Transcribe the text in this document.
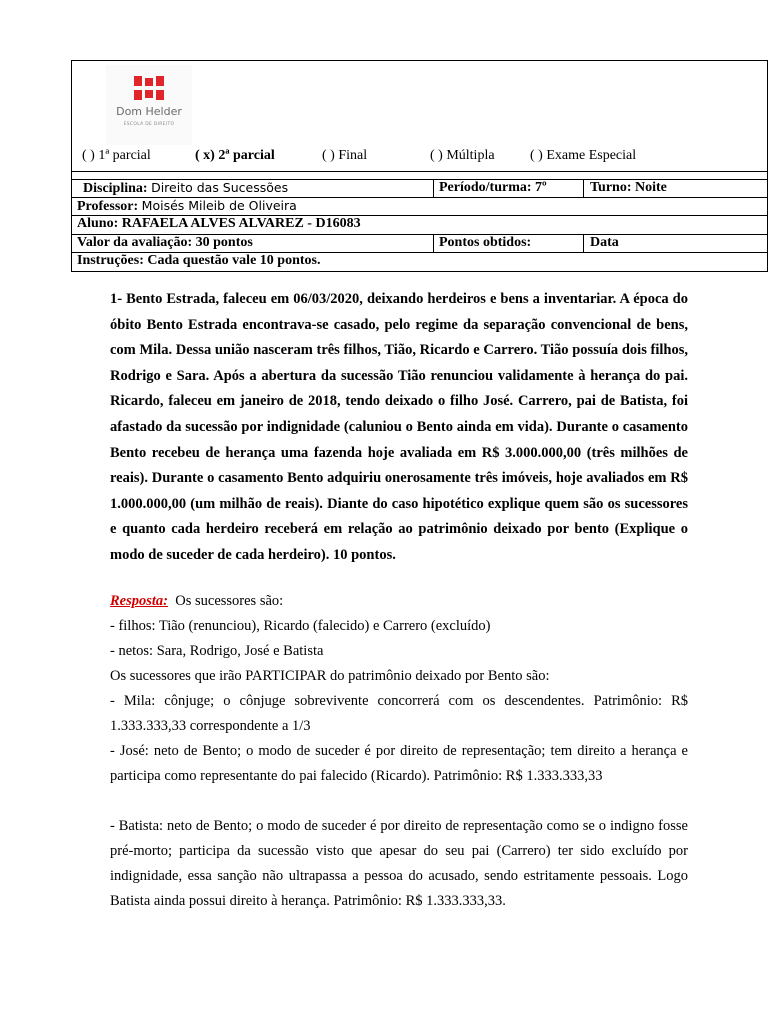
Dom Helder
ESCOLA DE DIREITO
( ) 1ª parcial	( x) 2ª parcial	( ) Final	( ) Múltipla	( ) Exame Especial
Disciplina: Direito das Sucessões	Período/turma: 7º	Turno: Noite
Professor: Moisés Mileib de Oliveira
Aluno: RAFAELA ALVES ALVAREZ - D16083
Valor da avaliação: 30 pontos	Pontos obtidos:	Data
Instruções: Cada questão vale 10 pontos.
1- Bento Estrada, faleceu em 06/03/2020, deixando herdeiros e bens a inventariar. A época do óbito Bento Estrada encontrava-se casado, pelo regime da separação convencional de bens, com Mila. Dessa união nasceram três filhos, Tião, Ricardo e Carrero. Tião possuía dois filhos, Rodrigo e Sara. Após a abertura da sucessão Tião renunciou validamente à herança do pai. Ricardo, faleceu em janeiro de 2018, tendo deixado o filho José. Carrero, pai de Batista, foi afastado da sucessão por indignidade (caluniou o Bento ainda em vida). Durante o casamento Bento recebeu de herança uma fazenda hoje avaliada em R$ 3.000.000,00 (três milhões de reais). Durante o casamento Bento adquiriu onerosamente três imóveis, hoje avaliados em R$ 1.000.000,00 (um milhão de reais). Diante do caso hipotético explique quem são os sucessores e quanto cada herdeiro receberá em relação ao patrimônio deixado por bento (Explique o modo de suceder de cada herdeiro). 10 pontos.
Resposta: Os sucessores são:
- filhos: Tião (renunciou), Ricardo (falecido) e Carrero (excluído)
- netos: Sara, Rodrigo, José e Batista
Os sucessores que irão PARTICIPAR do patrimônio deixado por Bento são:
- Mila: cônjuge; o cônjuge sobrevivente concorrerá com os descendentes. Patrimônio: R$ 1.333.333,33 correspondente a 1/3
- José: neto de Bento; o modo de suceder é por direito de representação; tem direito a herança e participa como representante do pai falecido (Ricardo). Patrimônio: R$ 1.333.333,33
- Batista: neto de Bento; o modo de suceder é por direito de representação como se o indigno fosse pré-morto; participa da sucessão visto que apesar do seu pai (Carrero) ter sido excluído por indignidade, essa sanção não ultrapassa a pessoa do acusado, sendo estritamente pessoais. Logo Batista ainda possui direito à herança. Patrimônio: R$ 1.333.333,33.
